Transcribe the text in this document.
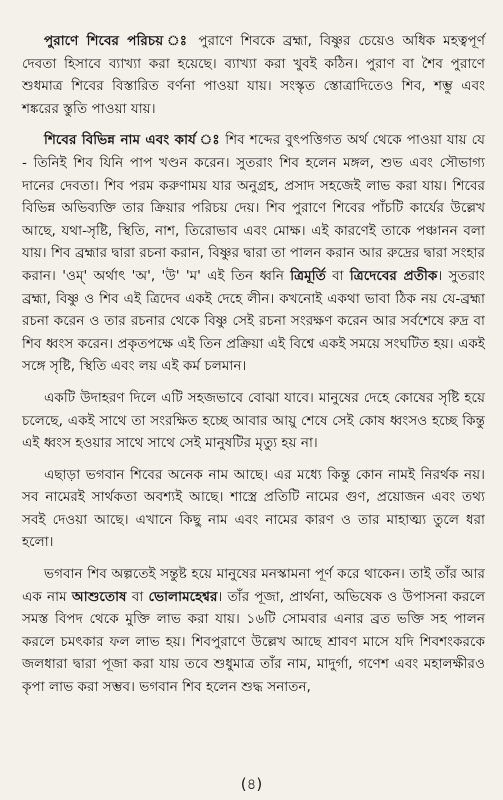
পুরাণে শিবের পরিচয় ঃ পুরাণে শিবকে ব্রহ্মা, বিষ্ণুর চেয়েও অধিক মহত্বপূর্ণ দেবতা হিসাবে ব্যাখ্যা করা হয়েছে। ব্যাখ্যা করা খুবই কঠিন। পুরাণ বা শৈব পুরাণে শুধমাত্র শিবের বিস্তারিত বর্ণনা পাওয়া যায়। সংস্কৃত স্তোত্রাদিতেও শিব, শম্ভু এবং শঙ্করের স্তুতি পাওয়া যায়।

শিবের বিভিন্ন নাম এবং কার্য ঃ শিব শব্দের বুৎপত্তিগত অর্থ থেকে পাওয়া যায় যে - তিনিই শিব যিনি পাপ খণ্ডন করেন। সুতরাং শিব হলেন মঙ্গল, শুভ এবং সৌভাগ্য দানের দেবতা। শিব পরম করুণাময় যার অনুগ্রহ, প্রসাদ সহজেই লাভ করা যায়। শিবের বিভিন্ন অভিব্যক্তি তার ক্রিয়ার পরিচয় দেয়। শিব পুরাণে শিবের পাঁচটি কার্যের উল্লেখ আছে, যথা-সৃষ্টি, স্থিতি, নাশ, তিরোভাব এবং মোক্ষ। এই কারণেই তাকে পঞ্চানন বলা যায়। শিব ব্রহ্মার দ্বারা রচনা করান, বিষ্ণুর দ্বারা তা পালন করান আর রুদ্রের দ্বারা সংহার করান। 'ওম্' অর্থাৎ 'অ', 'উ' 'ম' এই তিন ধ্বনি ত্রিমূর্তি বা ত্রিদেবের প্রতীক। সুতরাং ব্রহ্মা, বিষ্ণু ও শিব এই ত্রিদেব একই দেহে লীন। কখনোই একথা ভাবা ঠিক নয় যে-ব্রহ্মা রচনা করেন ও তার রচনার থেকে বিষ্ণু সেই রচনা সংরক্ষণ করেন আর সর্বশেষে রুদ্র বা শিব ধ্বংস করেন। প্রকৃতপক্ষে এই তিন প্রক্রিয়া এই বিশ্বে একই সময়ে সংঘটিত হয়। একই সঙ্গে সৃষ্টি, স্থিতি এবং লয় এই কর্ম চলমান।

একটি উদাহরণ দিলে এটি সহজভাবে বোঝা যাবে। মানুষের দেহে কোষের সৃষ্টি হয়ে চলেছে, একই সাথে তা সংরক্ষিত হচ্ছে আবার আয়ু শেষে সেই কোষ ধ্বংসও হচ্ছে কিন্তু এই ধ্বংস হওয়ার সাথে সাথে সেই মানুষটির মৃত্যু হয় না।

এছাড়া ভগবান শিবের অনেক নাম আছে। এর মধ্যে কিন্তু কোন নামই নিরর্থক নয়। সব নামেরই সার্থকতা অবশ্যই আছে। শাস্ত্রে প্রতিটি নামের গুণ, প্রয়োজন এবং তথ্য সবই দেওয়া আছে। এখানে কিছু নাম এবং নামের কারণ ও তার মাহাত্ম্য তুলে ধরা হলো।

ভগবান শিব অল্পতেই সন্তুষ্ট হয়ে মানুষের মনস্কামনা পূর্ণ করে থাকেন। তাই তাঁর আর এক নাম আশুতোষ বা ভোলামহেশ্বর। তাঁর পূজা, প্রার্থনা, অভিষেক ও উপাসনা করলে সমস্ত বিপদ থেকে মুক্তি লাভ করা যায়। ১৬টি সোমবার এনার ব্রত ভক্তি সহ পালন করলে চমৎকার ফল লাভ হয়। শিবপুরাণে উল্লেখ আছে শ্রাবণ মাসে যদি শিবশংকরকে জলধারা দ্বারা পূজা করা যায় তবে শুধুমাত্র তাঁর নাম, মাদুর্গা, গণেশ এবং মহালক্ষীরও কৃপা লাভ করা সম্ভব। ভগবান শিব হলেন শুদ্ধ সনাতন,

(৪)
